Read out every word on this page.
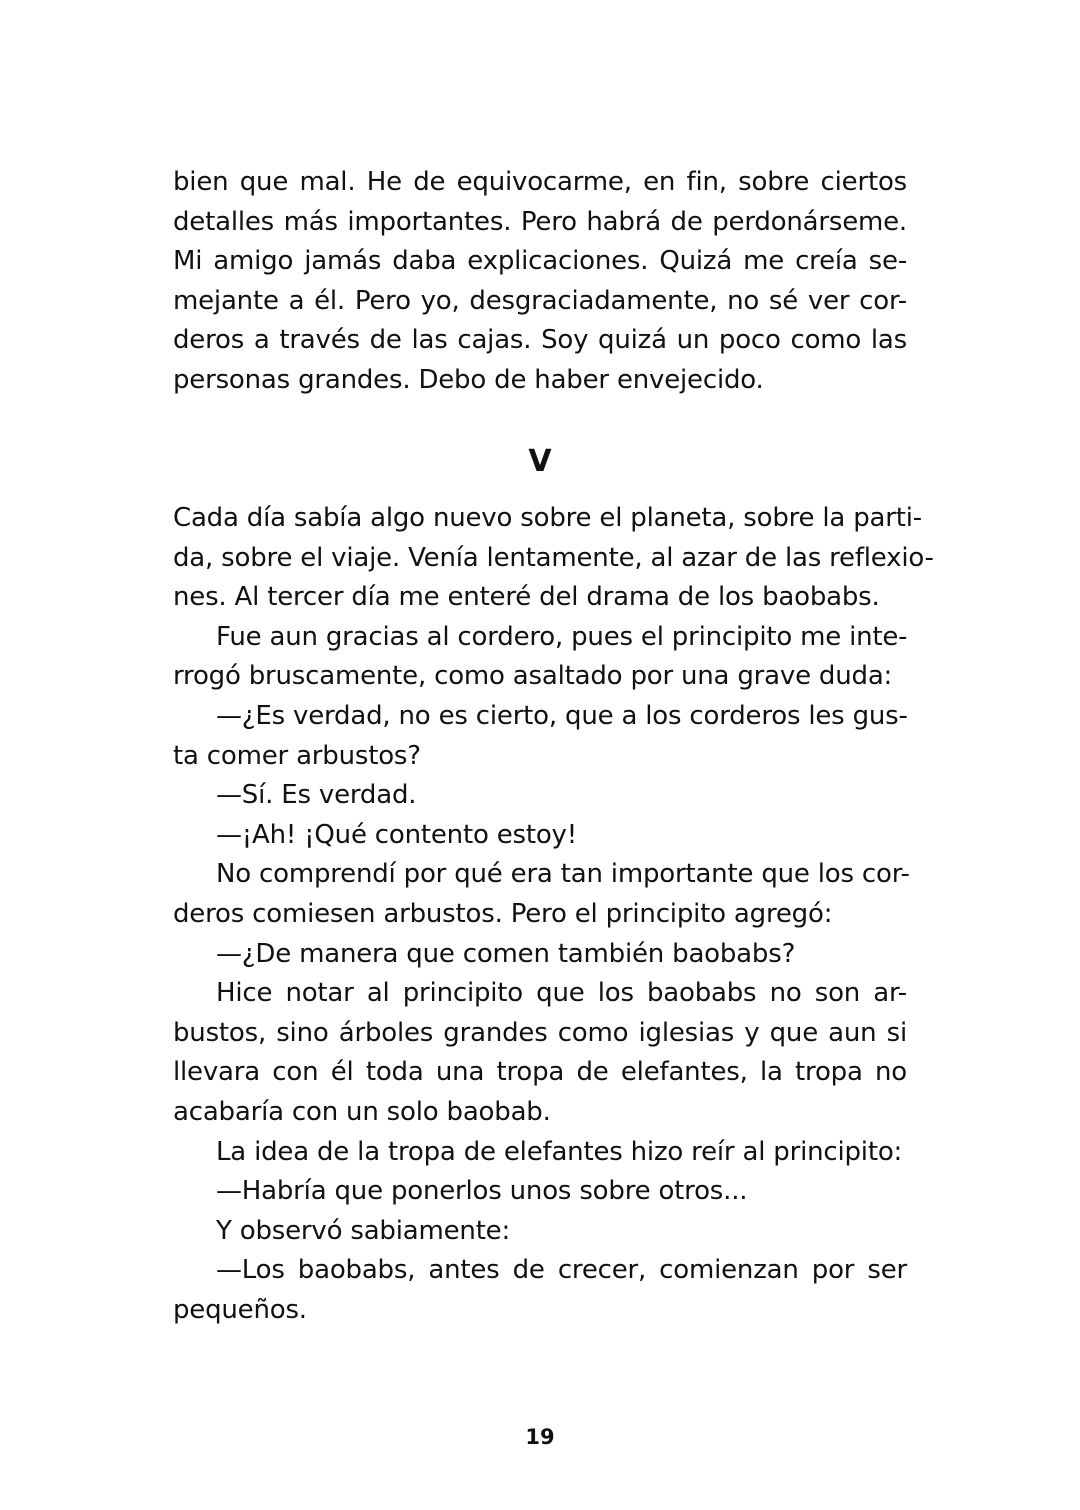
bien que mal. He de equivocarme, en fin, sobre ciertos
detalles más importantes. Pero habrá de perdonárseme.
Mi amigo jamás daba explicaciones. Quizá me creía se-
mejante a él. Pero yo, desgraciadamente, no sé ver cor-
deros a través de las cajas. Soy quizá un poco como las
personas grandes. Debo de haber envejecido.
V
Cada día sabía algo nuevo sobre el planeta, sobre la parti-
da, sobre el viaje. Venía lentamente, al azar de las reflexio-
nes. Al tercer día me enteré del drama de los baobabs.
Fue aun gracias al cordero, pues el principito me inte-
rrogó bruscamente, como asaltado por una grave duda:
—¿Es verdad, no es cierto, que a los corderos les gus-
ta comer arbustos?
—Sí. Es verdad.
—¡Ah! ¡Qué contento estoy!
No comprendí por qué era tan importante que los cor-
deros comiesen arbustos. Pero el principito agregó:
—¿De manera que comen también baobabs?
Hice notar al principito que los baobabs no son ar-
bustos, sino árboles grandes como iglesias y que aun si
llevara con él toda una tropa de elefantes, la tropa no
acabaría con un solo baobab.
La idea de la tropa de elefantes hizo reír al principito:
—Habría que ponerlos unos sobre otros...
Y observó sabiamente:
—Los baobabs, antes de crecer, comienzan por ser
pequeños.
19
